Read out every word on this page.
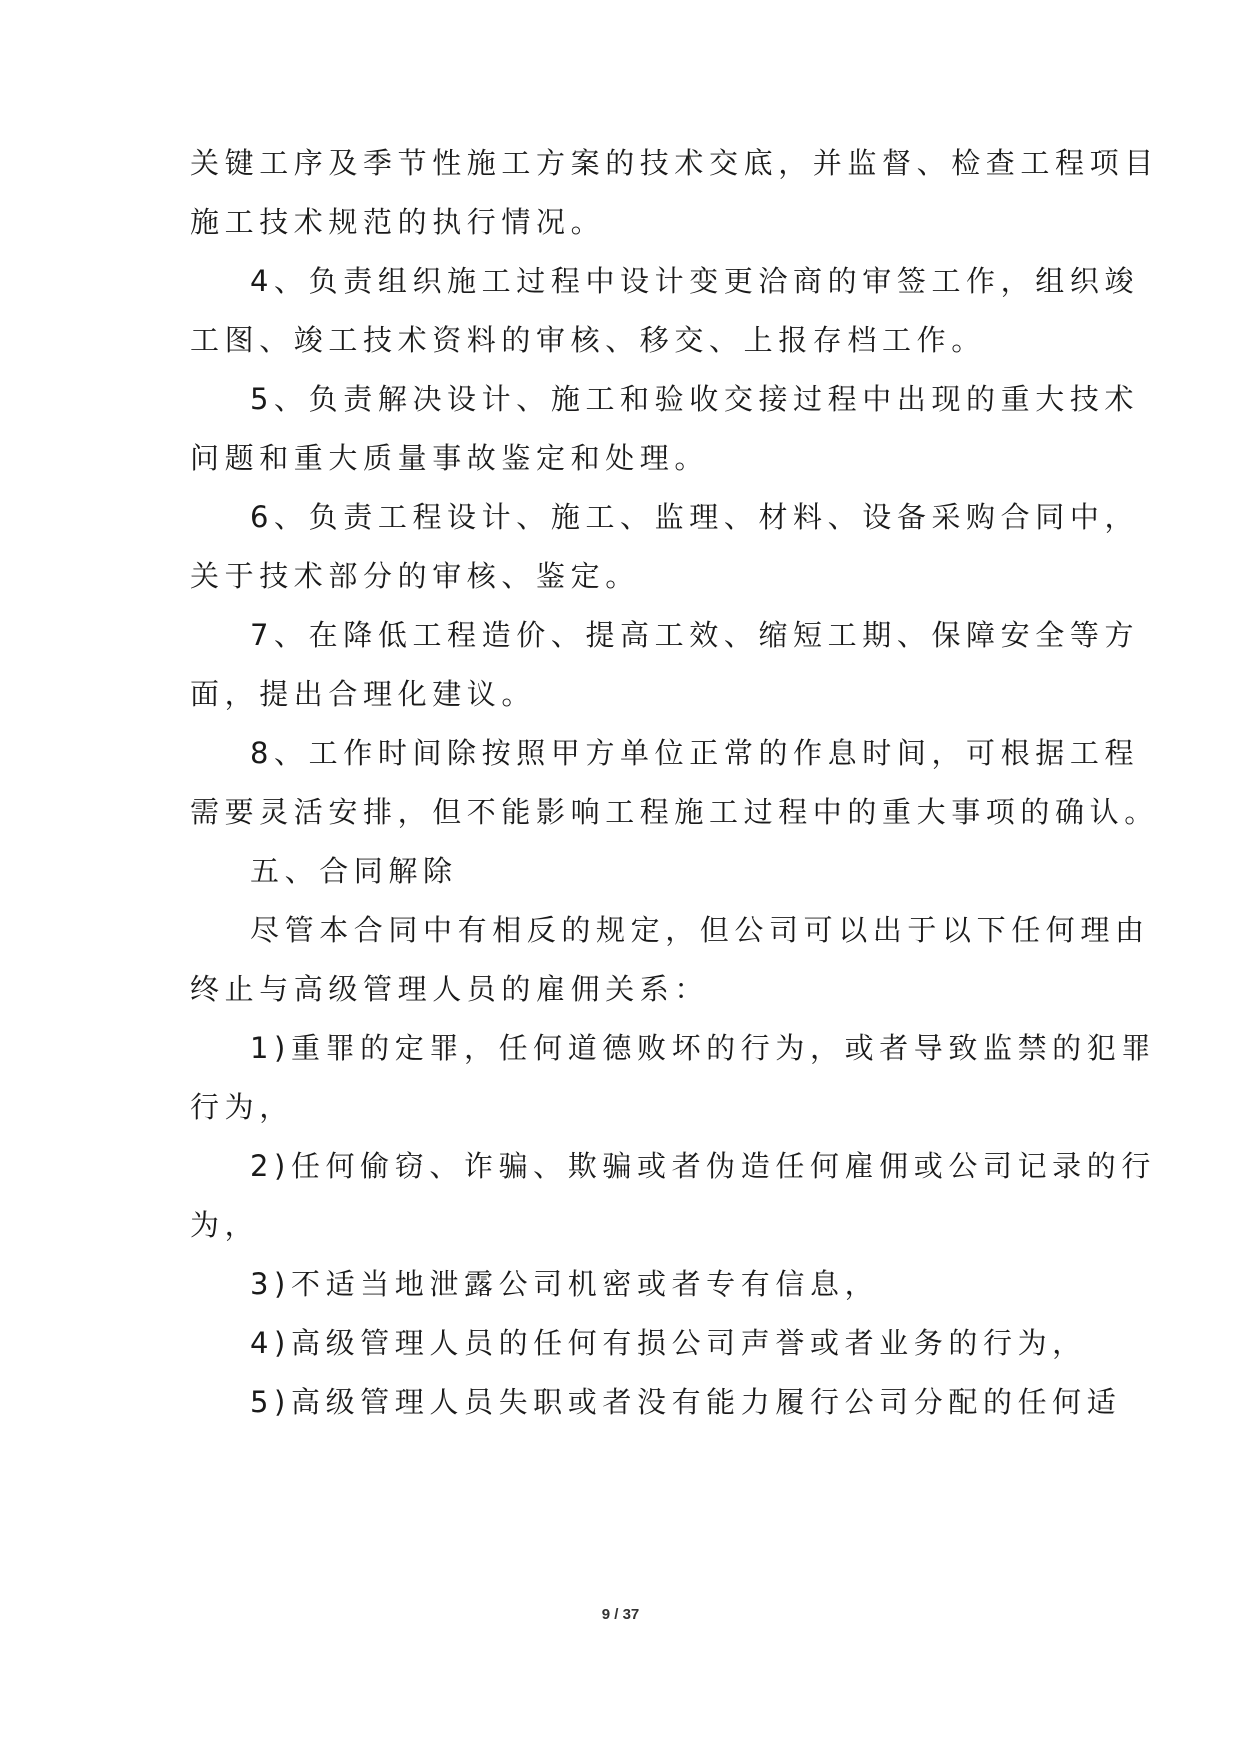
关键工序及季节性施工方案的技术交底，并监督、检查工程项目
施工技术规范的执行情况。
4、负责组织施工过程中设计变更洽商的审签工作，组织竣
工图、竣工技术资料的审核、移交、上报存档工作。
5、负责解决设计、施工和验收交接过程中出现的重大技术
问题和重大质量事故鉴定和处理。
6、负责工程设计、施工、监理、材料、设备采购合同中，
关于技术部分的审核、鉴定。
7、在降低工程造价、提高工效、缩短工期、保障安全等方
面，提出合理化建议。
8、工作时间除按照甲方单位正常的作息时间，可根据工程
需要灵活安排，但不能影响工程施工过程中的重大事项的确认。
五、合同解除
尽管本合同中有相反的规定，但公司可以出于以下任何理由
终止与高级管理人员的雇佣关系：
1)重罪的定罪，任何道德败坏的行为，或者导致监禁的犯罪
行为，
2)任何偷窃、诈骗、欺骗或者伪造任何雇佣或公司记录的行
为，
3)不适当地泄露公司机密或者专有信息，
4)高级管理人员的任何有损公司声誉或者业务的行为，
5)高级管理人员失职或者没有能力履行公司分配的任何适
9 / 37
